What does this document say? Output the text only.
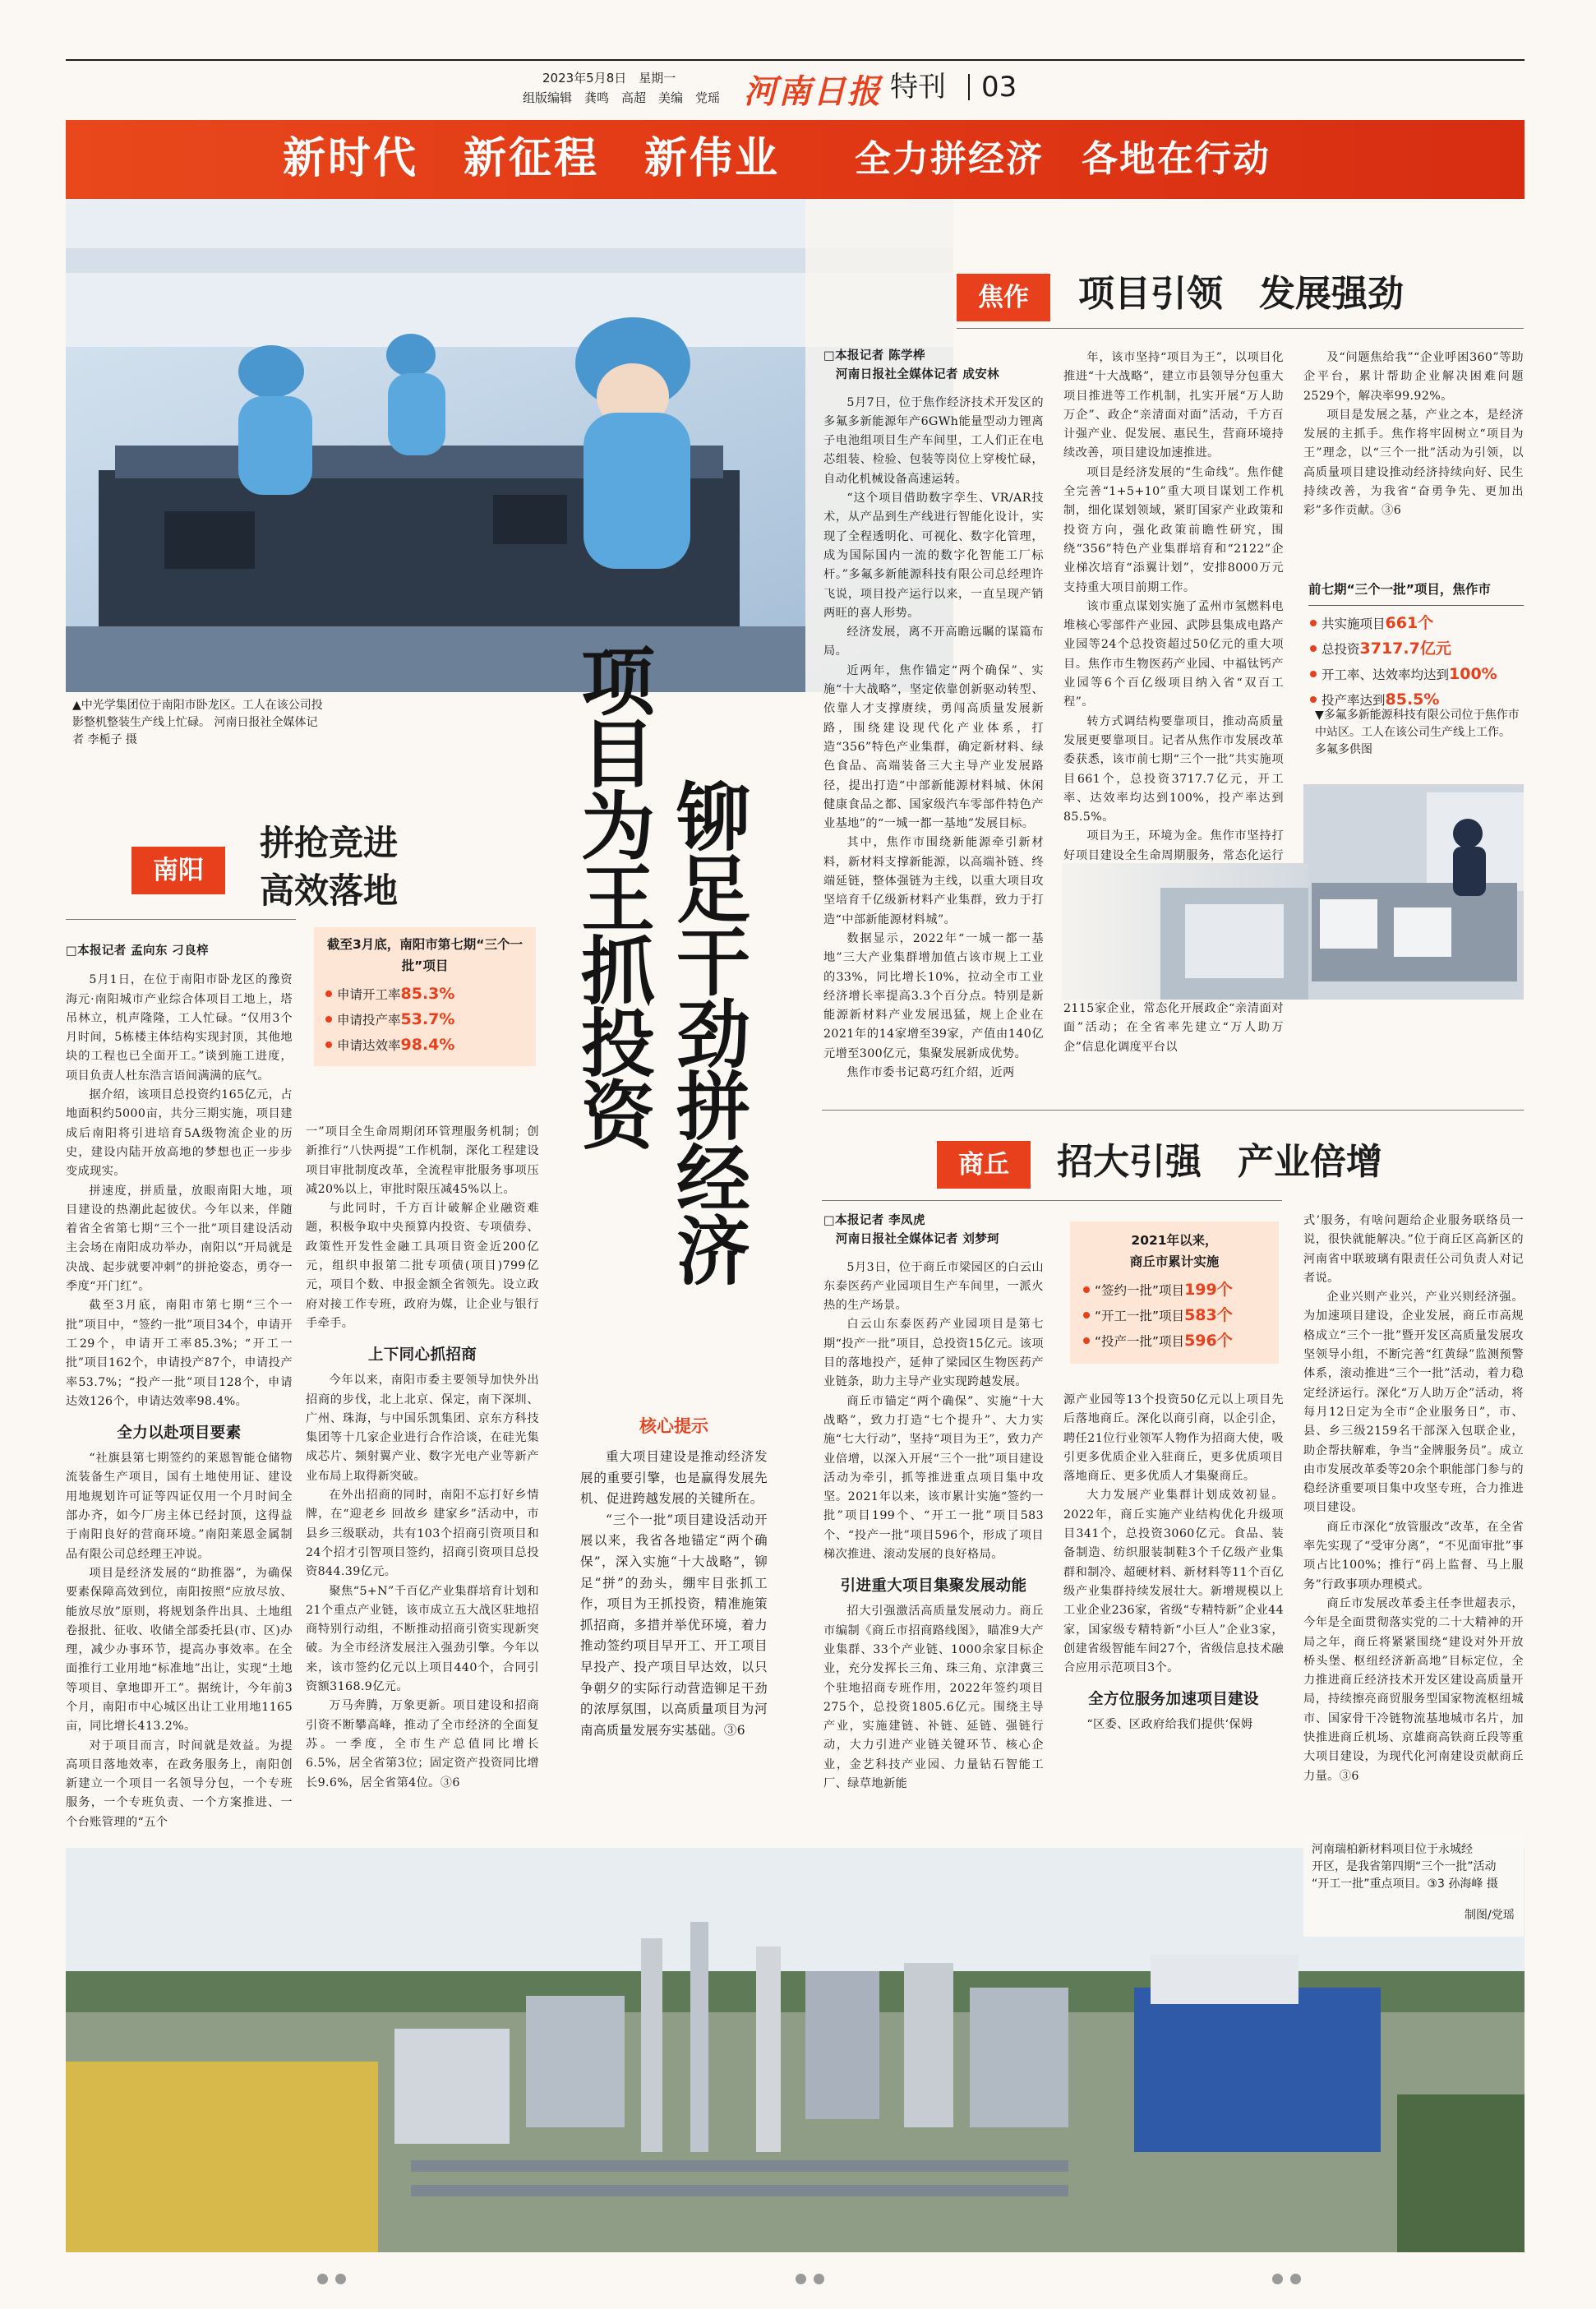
2023年5月8日　星期一
组版编辑　龚鸣　高超　美编　党瑶 河南日报 特刊 03
新时代　新征程　新伟业 全力拼经济　各地在行动
▲中光学集团位于南阳市卧龙区。工人在该公司投影整机整装生产线上忙碌。 河南日报社全媒体记者 李栀子 摄	项目为王抓投资 铆足干劲拼经济
焦作	项目引领　发展强劲

□本报记者 陈学桦

　河南日报社全媒体记者 成安林

5月7日，位于焦作经济技术开发区的多氟多新能源年产6GWh能量型动力锂离子电池组项目生产车间里，工人们正在电芯组装、检验、包装等岗位上穿梭忙碌，自动化机械设备高速运转。

“这个项目借助数字孪生、VR/AR技术，从产品到生产线进行智能化设计，实现了全程透明化、可视化、数字化管理，成为国际国内一流的数字化智能工厂标杆。”多氟多新能源科技有限公司总经理许飞说，项目投产运行以来，一直呈现产销两旺的喜人形势。

经济发展，离不开高瞻远瞩的谋篇布局。

近两年，焦作锚定“两个确保”、实施“十大战略”，坚定依靠创新驱动转型、依靠人才支撑赓续，勇闯高质量发展新路，围绕建设现代化产业体系，打造“356”特色产业集群，确定新材料、绿色食品、高端装备三大主导产业发展路径，提出打造“中部新能源材料城、休闲健康食品之都、国家级汽车零部件特色产业基地”的“一城一都一基地”发展目标。

其中，焦作市围绕新能源牵引新材料，新材料支撑新能源，以高端补链、终端延链，整体强链为主线，以重大项目攻坚培育千亿级新材料产业集群，致力于打造“中部新能源材料城”。

数据显示，2022年“一城一都一基地”三大产业集群增加值占该市规上工业的33%，同比增长10%，拉动全市工业经济增长率提高3.3个百分点。特别是新能源新材料产业发展迅猛，规上企业在2021年的14家增至39家，产值由140亿元增至300亿元，集聚发展新成优势。

焦作市委书记葛巧红介绍，近两

年，该市坚持“项目为王”，以项目化推进“十大战略”，建立市县领导分包重大项目推进等工作机制，扎实开展“万人助万企”、政企“亲清面对面”活动，千方百计强产业、促发展、惠民生，营商环境持续改善，项目建设加速推进。

项目是经济发展的“生命线”。焦作健全完善“1+5+10”重大项目谋划工作机制，细化谋划领域，紧盯国家产业政策和投资方向，强化政策前瞻性研究，围绕“356”特色产业集群培育和“2122”企业梯次培育“添翼计划”，安排8000万元支持重大项目前期工作。

该市重点谋划实施了孟州市氢燃料电堆核心零部件产业园、武陟县集成电路产业园等24个总投资超过50亿元的重大项目。焦作市生物医药产业园、中福钛钙产业园等6个百亿级项目纳入省“双百工程”。

转方式调结构要靠项目，推动高质量发展更要靠项目。记者从焦作市发展改革委获悉，该市前七期“三个一批”共实施项目661个，总投资3717.7亿元，开工率、达效率均达到100%，投产率达到85.5%。

项目为王，环境为金。焦作市坚持打好项目建设全生命周期服务，常态化运行

2115家企业，常态化开展政企“亲清面对面”活动；在全省率先建立“万人助万企”信息化调度平台以

及“问题焦给我”“企业呼困360”等助企平台，累计帮助企业解决困难问题2529个，解决率99.92%。

项目是发展之基，产业之本，是经济发展的主抓手。焦作将牢固树立“项目为王”理念，以“三个一批”活动为引领，以高质量项目建设推动经济持续向好、民生持续改善，为我省“奋勇争先、更加出彩”多作贡献。③6

前七期“三个一批”项目，焦作市
共实施项目661个
总投资3717.7亿元
开工率、达效率均达到100%
投产率达到85.5%
▼多氟多新能源科技有限公司位于焦作市中站区。工人在该公司生产线上工作。 多氟多供图
南阳
拼抢竞进
高效落地
截至3月底，南阳市第七期“三个一批”项目
申请开工率85.3%
申请投产率53.7%
申请达效率98.4%

□本报记者 孟向东 刁良梓

5月1日，在位于南阳市卧龙区的豫资海元·南阳城市产业综合体项目工地上，塔吊林立，机声隆隆，工人忙碌。“仅用3个月时间，5栋楼主体结构实现封顶，其他地块的工程也已全面开工。”谈到施工进度，项目负责人杜东浩言语间满满的底气。

据介绍，该项目总投资约165亿元，占地面积约5000亩，共分三期实施，项目建成后南阳将引进培育5A级物流企业的历史，建设内陆开放高地的梦想也正一步步变成现实。

拼速度，拼质量，放眼南阳大地，项目建设的热潮此起彼伏。今年以来，伴随着省全省第七期“三个一批”项目建设活动主会场在南阳成功举办，南阳以“开局就是决战、起步就要冲刺”的拼抢姿态，勇夺一季度“开门红”。

截至3月底，南阳市第七期“三个一批”项目中，“签约一批”项目34个，申请开工29个，申请开工率85.3%；“开工一批”项目162个，申请投产87个，申请投产率53.7%；“投产一批”项目128个，申请达效126个，申请达效率98.4%。

全力以赴项目要素

“社旗县第七期签约的莱恩智能仓储物流装备生产项目，国有土地使用证、建设用地规划许可证等四证仅用一个月时间全部办齐，如今厂房主体已经封顶，这得益于南阳良好的营商环境。”南阳莱恩金属制品有限公司总经理王冲说。

项目是经济发展的“助推器”，为确保要素保障高效到位，南阳按照“应放尽放、能放尽放”原则，将规划条件出具、土地组卷报批、征收、收储全部委托县(市、区)办理，减少办事环节，提高办事效率。在全面推行工业用地“标准地”出让，实现“土地等项目、拿地即开工”。据统计，今年前3个月，南阳市中心城区出让工业用地1165亩，同比增长413.2%。

对于项目而言，时间就是效益。为提高项目落地效率，在政务服务上，南阳创新建立一个项目一名领导分包，一个专班服务，一个专班负责、一个方案推进、一个台账管理的“五个

一”项目全生命周期闭环管理服务机制；创新推行“八快两提”工作机制，深化工程建设项目审批制度改革，全流程审批服务事项压减20%以上，审批时限压减45%以上。

与此同时，千方百计破解企业融资难题，积极争取中央预算内投资、专项债券、政策性开发性金融工具项目资金近200亿元，组织申报第二批专项债(项目)799亿元，项目个数、申报金额全省领先。设立政府对接工作专班，政府为媒，让企业与银行手牵手。

上下同心抓招商

今年以来，南阳市委主要领导加快外出招商的步伐，北上北京、保定，南下深圳、广州、珠海，与中国乐凯集团、京东方科技集团等十几家企业进行合作洽谈，在硅光集成芯片、频射翼产业、数字光电产业等新产业布局上取得新突破。

在外出招商的同时，南阳不忘打好乡情牌，在“迎老乡 回故乡 建家乡”活动中，市县乡三级联动，共有103个招商引资项目和24个招才引智项目签约，招商引资项目总投资844.39亿元。

聚焦“5+N”千百亿产业集群培育计划和21个重点产业链，该市成立五大战区驻地招商特别行动组，不断推动招商引资实现新突破。为全市经济发展注入强劲引擎。今年以来，该市签约亿元以上项目440个，合同引资额3168.9亿元。

万马奔腾，万象更新。项目建设和招商引资不断攀高峰，推动了全市经济的全面复苏。一季度，全市生产总值同比增长6.5%，居全省第3位；固定资产投资同比增长9.6%，居全省第4位。③6

核心提示

重大项目建设是推动经济发展的重要引擎，也是赢得发展先机、促进跨越发展的关键所在。

“三个一批”项目建设活动开展以来，我省各地锚定“两个确保”，深入实施“十大战略”，铆足“拼”的劲头，绷牢目张抓工作，项目为王抓投资，精准施策抓招商，多措并举优环境，着力推动签约项目早开工、开工项目早投产、投产项目早达效，以只争朝夕的实际行动营造铆足干劲的浓厚氛围，以高质量项目为河南高质量发展夯实基础。③6

商丘	招大引强　产业倍增

□本报记者 李凤虎

　河南日报社全媒体记者 刘梦珂

5月3日，位于商丘市梁园区的白云山东泰医药产业园项目生产车间里，一派火热的生产场景。

白云山东泰医药产业园项目是第七期“投产一批”项目，总投资15亿元。该项目的落地投产，延伸了梁园区生物医药产业链条，助力主导产业实现跨越发展。

商丘市锚定“两个确保”、实施“十大战略”，致力打造“七个提升”、大力实施“七大行动”，坚持“项目为王”，致力产业倍增，以深入开展“三个一批”项目建设活动为牵引，抓等推进重点项目集中攻坚。2021年以来，该市累计实施“签约一批”项目199个、“开工一批”项目583个、“投产一批”项目596个，形成了项目梯次推进、滚动发展的良好格局。

引进重大项目集聚发展动能

招大引强激活高质量发展动力。商丘市编制《商丘市招商路线图》，瞄准9大产业集群、33个产业链、1000余家目标企业，充分发挥长三角、珠三角、京津冀三个驻地招商专班作用，2022年签约项目275个，总投资1805.6亿元。围绕主导产业，实施建链、补链、延链、强链行动，大力引进产业链关键环节、核心企业，金艺科技产业园、力量钻石智能工厂、绿草地新能

2021年以来，
商丘市累计实施
“签约一批”项目199个
“开工一批”项目583个
“投产一批”项目596个

源产业园等13个投资50亿元以上项目先后落地商丘。深化以商引商，以企引企，聘任21位行业领军人物作为招商大使，吸引更多优质企业入驻商丘，更多优质项目落地商丘、更多优质人才集聚商丘。

大力发展产业集群计划成效初显。2022年，商丘实施产业结构优化升级项目341个，总投资3060亿元。食品、装备制造、纺织服装制鞋3个千亿级产业集群和制冷、超硬材料、新材料等11个百亿级产业集群持续发展壮大。新增规模以上工业企业236家，省级“专精特新”企业44家，国家级专精特新“小巨人”企业3家，创建省级智能车间27个，省级信息技术融合应用示范项目3个。

全方位服务加速项目建设

“区委、区政府给我们提供‘保姆

式’服务，有啥问题给企业服务联络员一说，很快就能解决。”位于商丘区高新区的河南省中联玻璃有限责任公司负责人对记者说。

企业兴则产业兴，产业兴则经济强。为加速项目建设，企业发展，商丘市高规格成立“三个一批”暨开发区高质量发展攻坚领导小组，不断完善“红黄绿”监测预警体系，滚动推进“三个一批”活动，着力稳定经济运行。深化“万人助万企”活动，将每月12日定为全市“企业服务日”，市、县、乡三级2159名干部深入包联企业，助企帮扶解难，争当“金牌服务员”。成立由市发展改革委等20余个职能部门参与的稳经济重要项目集中攻坚专班，合力推进项目建设。

商丘市深化“放管服改”改革，在全省率先实现了“受审分离”，“不见面审批”事项占比100%；推行“码上监督、马上服务”行政事项办理模式。

商丘市发展改革委主任李世超表示，今年是全面贯彻落实党的二十大精神的开局之年，商丘将紧紧围绕“建设对外开放桥头堡、枢纽经济新高地”目标定位，全力推进商丘经济技术开发区建设高质量开局，持续擦亮商贸服务型国家物流枢纽城市、国家骨干冷链物流基地城市名片，加快推进商丘机场、京雄商高铁商丘段等重大项目建设，为现代化河南建设贡献商丘力量。③6

河南瑞柏新材料项目位于永城经
开区，是我省第四期“三个一批”活动
“开工一批”重点项目。③3 孙海峰 摄
制图/党瑶
